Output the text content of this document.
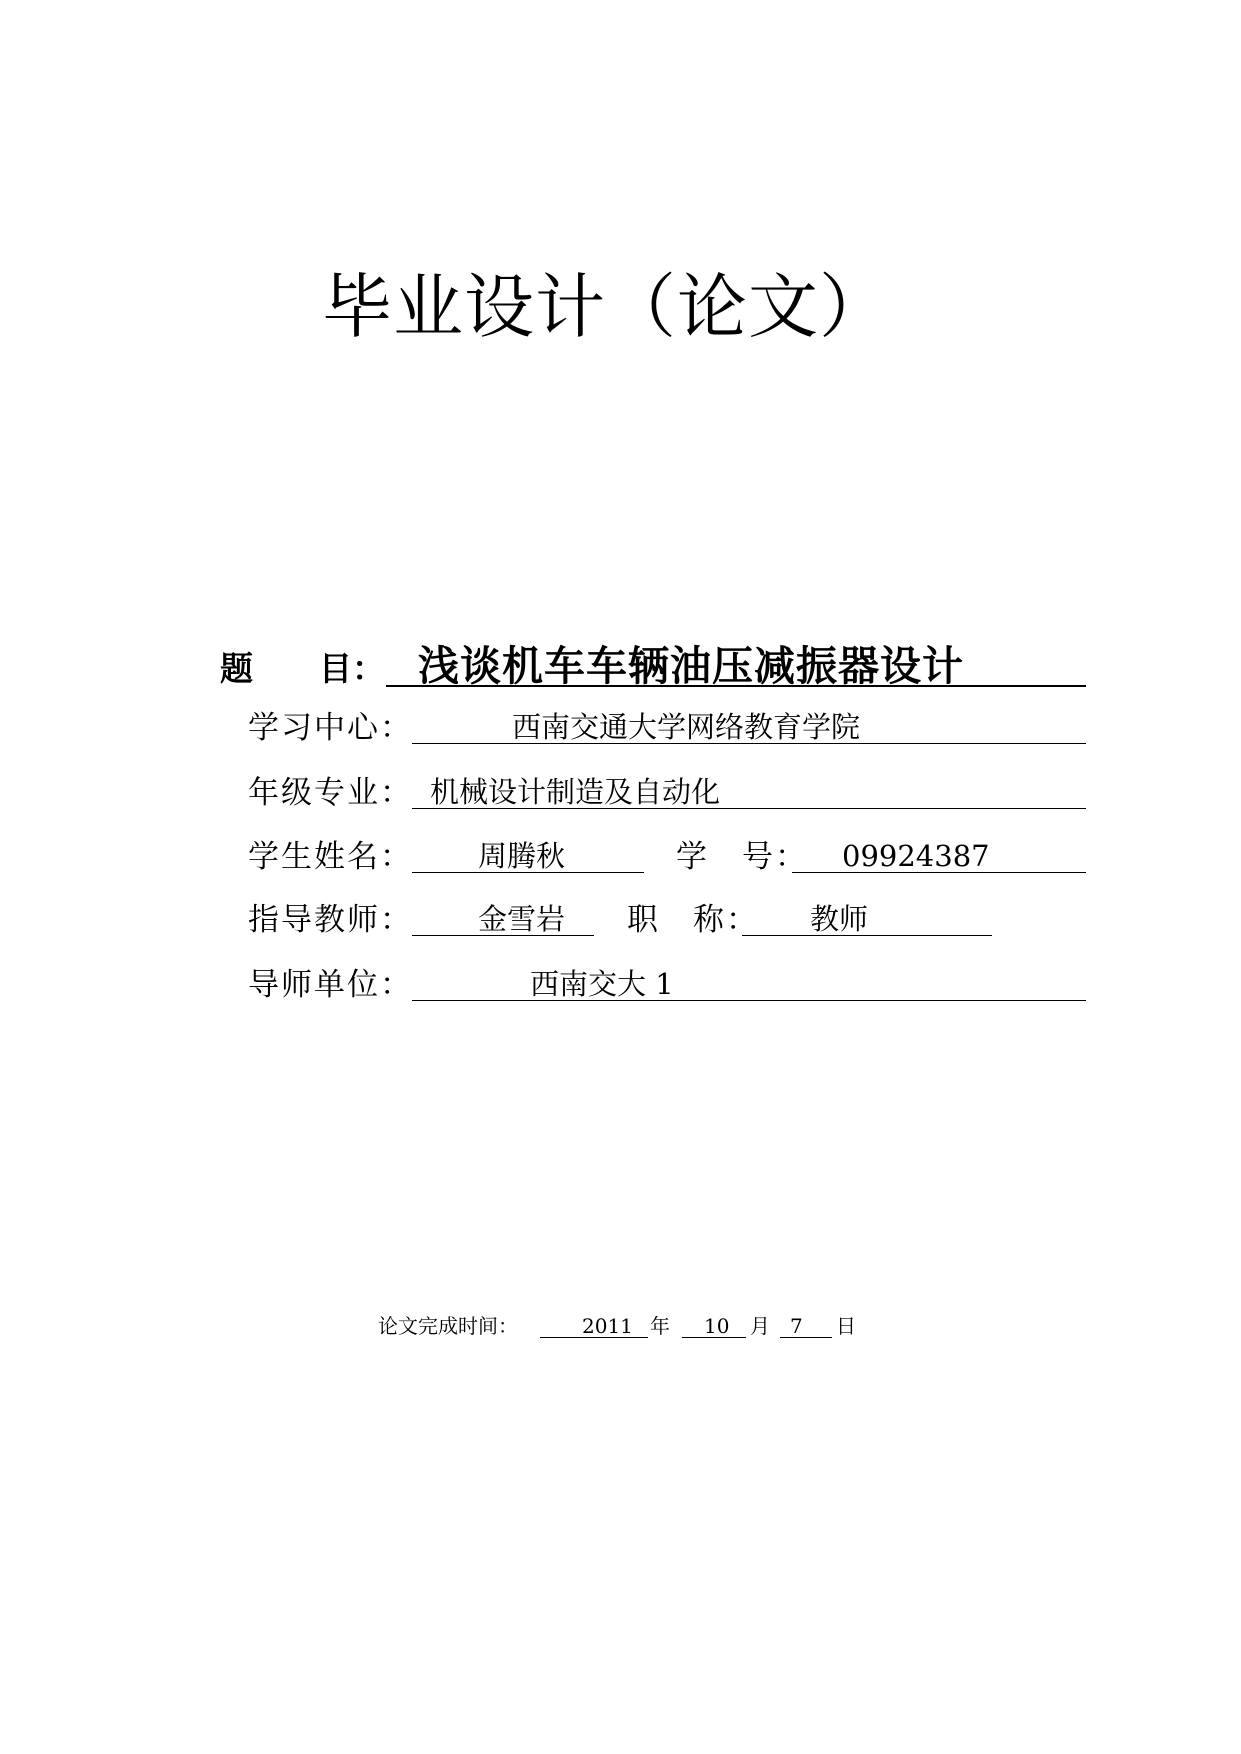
毕业设计（论文）
题　　目： 浅谈机车车辆油压减振器设计
学习中心：	西南交通大学网络教育学院
年级专业： 机械设计制造及自动化
学生姓名： 周腾秋	学　号： 09924387
指导教师： 金雪岩 职　称： 教师
导师单位：	西南交大 1
论文完成时间：	2011 年 10 月 7 日
